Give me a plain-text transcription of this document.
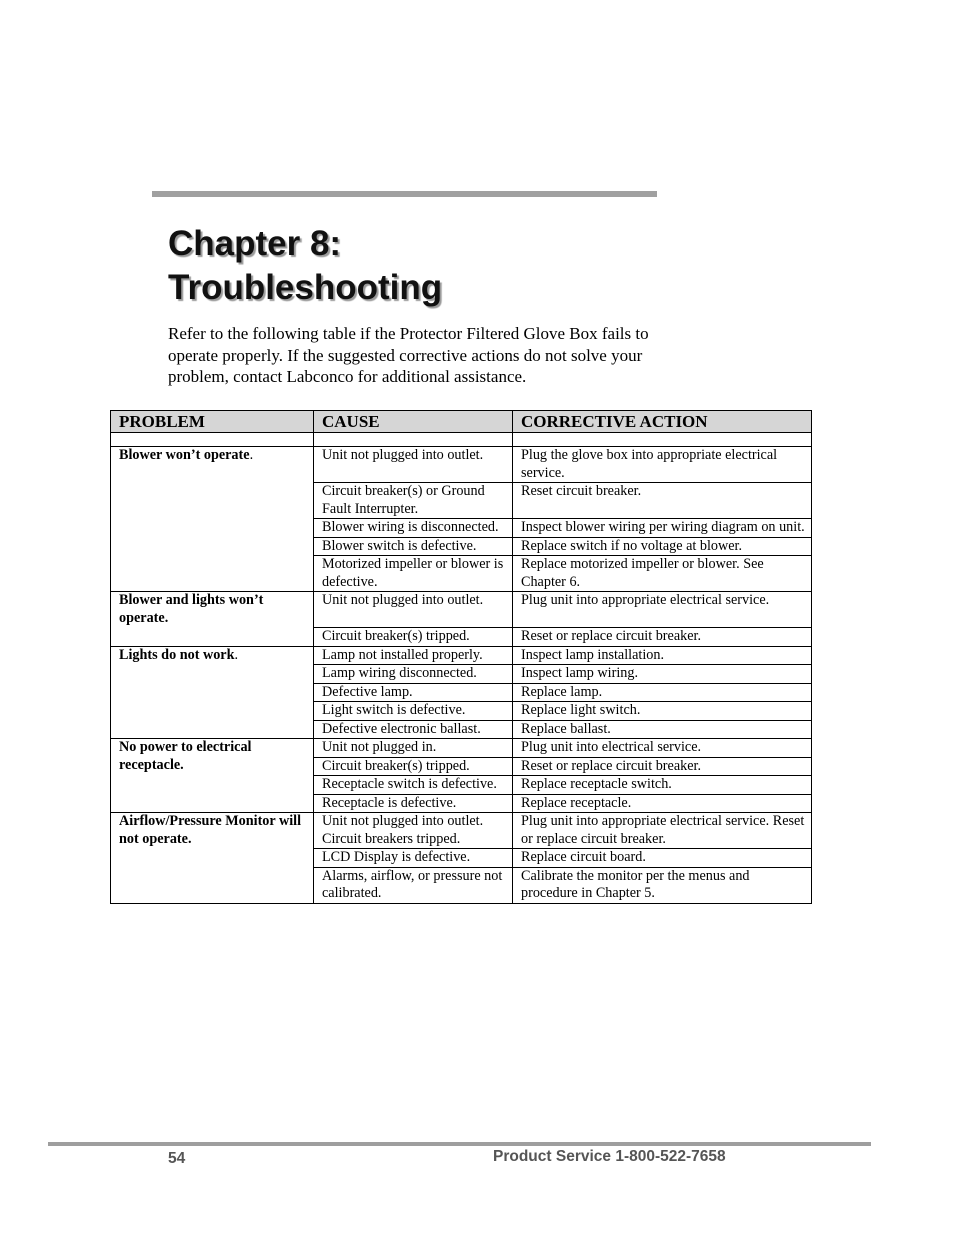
Chapter 8:
Troubleshooting

Refer to the following table if the Protector Filtered Glove Box fails to
operate properly. If the suggested corrective actions do not solve your
problem, contact Labconco for additional assistance.

PROBLEM	CAUSE	CORRECTIVE ACTION

Blower won’t operate.	Unit not plugged into outlet.	Plug the glove box into appropriate electrical service.
	Circuit breaker(s) or Ground Fault Interrupter.	Reset circuit breaker.
	Blower wiring is disconnected.	Inspect blower wiring per wiring diagram on unit.
	Blower switch is defective.	Replace switch if no voltage at blower.
	Motorized impeller or blower is defective.	Replace motorized impeller or blower. See Chapter 6.
Blower and lights won’t operate.	Unit not plugged into outlet.	Plug unit into appropriate electrical service.
	Circuit breaker(s) tripped.	Reset or replace circuit breaker.
Lights do not work.	Lamp not installed properly.	Inspect lamp installation.
	Lamp wiring disconnected.	Inspect lamp wiring.
	Defective lamp.	Replace lamp.
	Light switch is defective.	Replace light switch.
	Defective electronic ballast.	Replace ballast.
No power to electrical receptacle.	Unit not plugged in.	Plug unit into electrical service.
	Circuit breaker(s) tripped.	Reset or replace circuit breaker.
	Receptacle switch is defective.	Replace receptacle switch.
	Receptacle is defective.	Replace receptacle.
Airflow/Pressure Monitor will not operate.	Unit not plugged into outlet. Circuit breakers tripped.	Plug unit into appropriate electrical service. Reset or replace circuit breaker.
	LCD Display is defective.	Replace circuit board.
	Alarms, airflow, or pressure not calibrated.	Calibrate the monitor per the menus and procedure in Chapter 5.
54	Product Service 1-800-522-7658
